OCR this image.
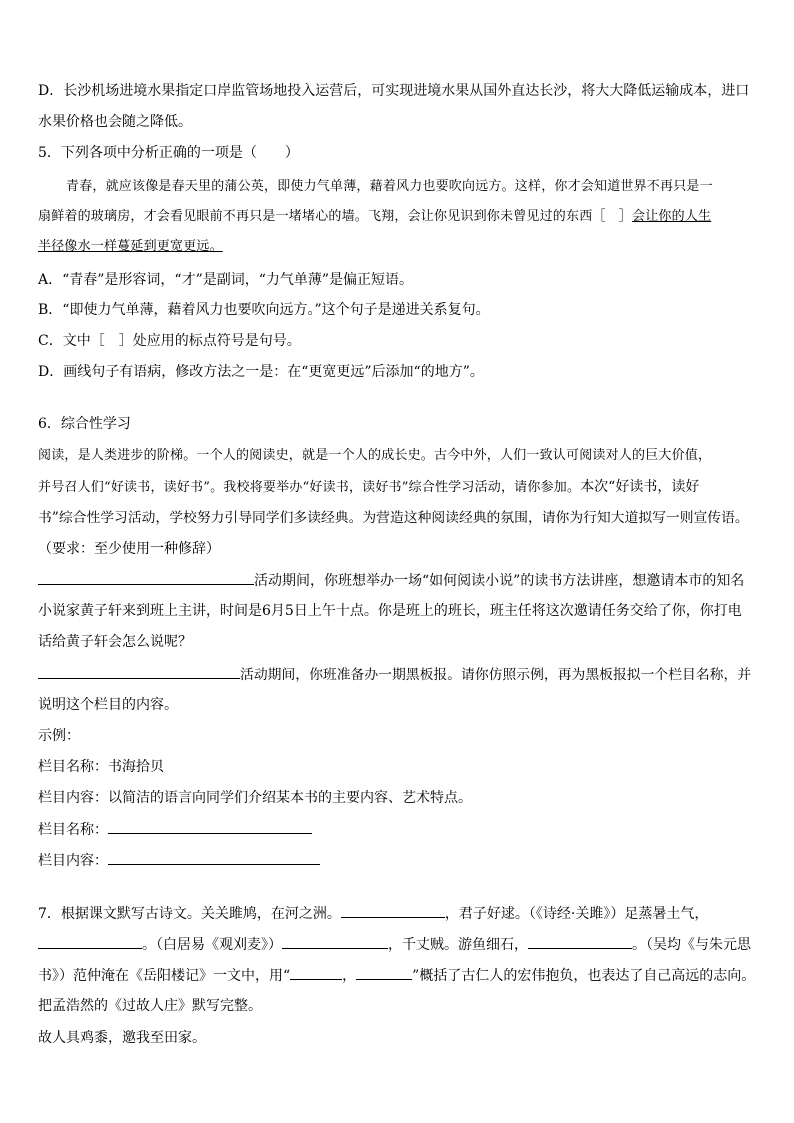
D．长沙机场进境水果指定口岸监管场地投入运营后，可实现进境水果从国外直达长沙，将大大降低运输成本，进口
水果价格也会随之降低。
5．下列各项中分析正确的一项是（　　）
青春，就应该像是春天里的蒲公英，即使力气单薄，藉着风力也要吹向远方。这样，你才会知道世界不再只是一
扇鲜着的玻璃房，才会看见眼前不再只是一堵堵心的墙。飞翔，会让你见识到你未曾见过的东西［　］会让你的人生
半径像水一样蔓延到更宽更远。
A．“青春”是形容词，“才”是副词，“力气单薄”是偏正短语。
B．“即使力气单薄，藉着风力也要吹向远方。”这个句子是递进关系复句。
C．文中［　］处应用的标点符号是句号。
D．画线句子有语病，修改方法之一是：在“更宽更远”后添加“的地方”。
6．综合性学习
阅读，是人类进步的阶梯。一个人的阅读史，就是一个人的成长史。古今中外，人们一致认可阅读对人的巨大价值，
并号召人们“好读书，读好书”。我校将要举办“好读书，读好书”综合性学习活动，请你参加。本次“好读书，读好
书”综合性学习活动，学校努力引导同学们多读经典。为营造这种阅读经典的氛围，请你为行知大道拟写一则宣传语。
（要求：至少使用一种修辞）
活动期间，你班想举办一场“如何阅读小说”的读书方法讲座，想邀请本市的知名
小说家黄子轩来到班上主讲，时间是6月5日上午十点。你是班上的班长，班主任将这次邀请任务交给了你，你打电
话给黄子轩会怎么说呢？
活动期间，你班准备办一期黑板报。请你仿照示例，再为黑板报拟一个栏目名称，并
说明这个栏目的内容。
示例：
栏目名称：书海拾贝
栏目内容：以简洁的语言向同学们介绍某本书的主要内容、艺术特点。
栏目名称：
栏目内容：
7．根据课文默写古诗文。关关雎鸠，在河之洲。	，君子好逑。（《诗经·关雎》）足蒸暑土气，
。（白居易《观刈麦》）	，千丈贼。游鱼细石，	。（吴均《与朱元思
书》）范仲淹在《岳阳楼记》一文中，用“	，	”概括了古仁人的宏伟抱负，也表达了自己高远的志向。
把孟浩然的《过故人庄》默写完整。
故人具鸡黍，邀我至田家。
